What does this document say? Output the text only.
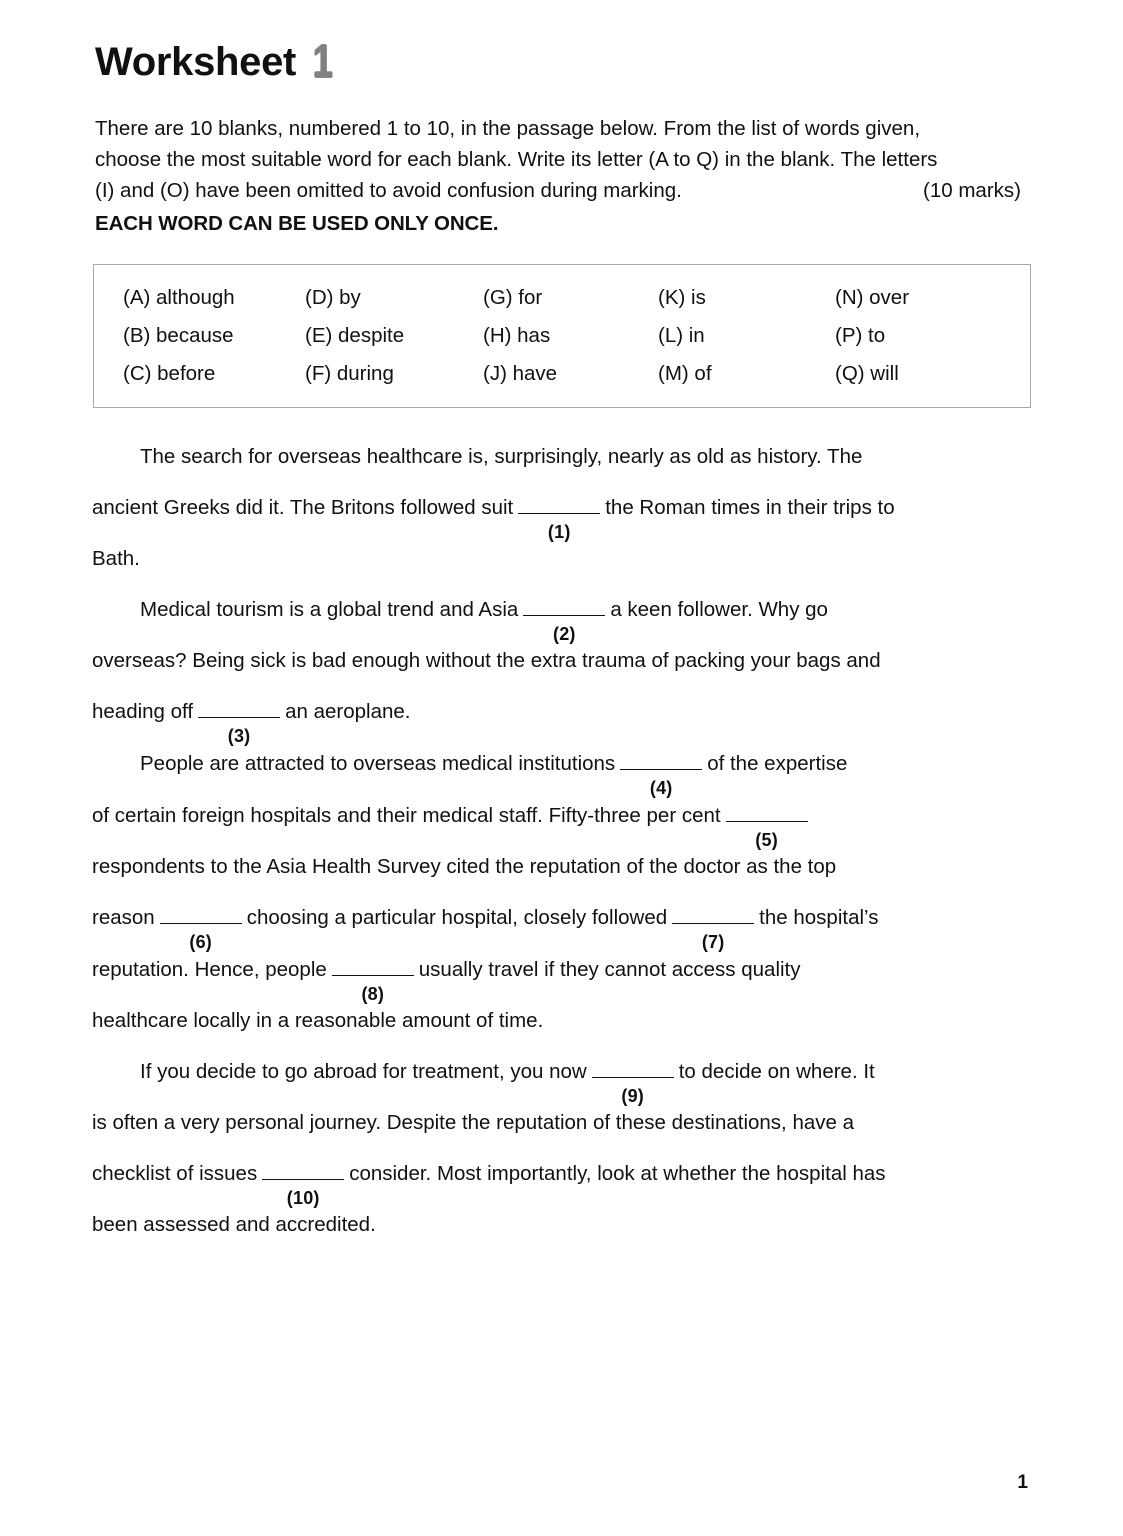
Worksheet 1
There are 10 blanks, numbered 1 to 10, in the passage below. From the list of words given,
choose the most suitable word for each blank. Write its letter (A to Q) in the blank. The letters
(I) and (O) have been omitted to avoid confusion during marking.	(10 marks)
EACH WORD CAN BE USED ONLY ONCE.
(A) although	(D) by	(G) for	(K) is	(N) over
(B) because	(E) despite	(H) has	(L) in	(P) to
(C) before	(F) during	(J) have	(M) of	(Q) will
The search for overseas healthcare is, surprisingly, nearly as old as history. The
ancient Greeks did it. The Britons followed suit
(1)
the Roman times in their trips to
Bath.
Medical tourism is a global trend and Asia
(2)
a keen follower. Why go
overseas? Being sick is bad enough without the extra trauma of packing your bags and
heading off
(3)
an aeroplane.
People are attracted to overseas medical institutions
(4)
of the expertise
of certain foreign hospitals and their medical staff. Fifty-three per cent
(5)
respondents to the Asia Health Survey cited the reputation of the doctor as the top
reason
(6)
choosing a particular hospital, closely followed
(7)
the hospital’s
reputation. Hence, people
(8)
usually travel if they cannot access quality
healthcare locally in a reasonable amount of time.
If you decide to go abroad for treatment, you now
(9)
to decide on where. It
is often a very personal journey. Despite the reputation of these destinations, have a
checklist of issues
(10)
consider. Most importantly, look at whether the hospital has
been assessed and accredited.
1
